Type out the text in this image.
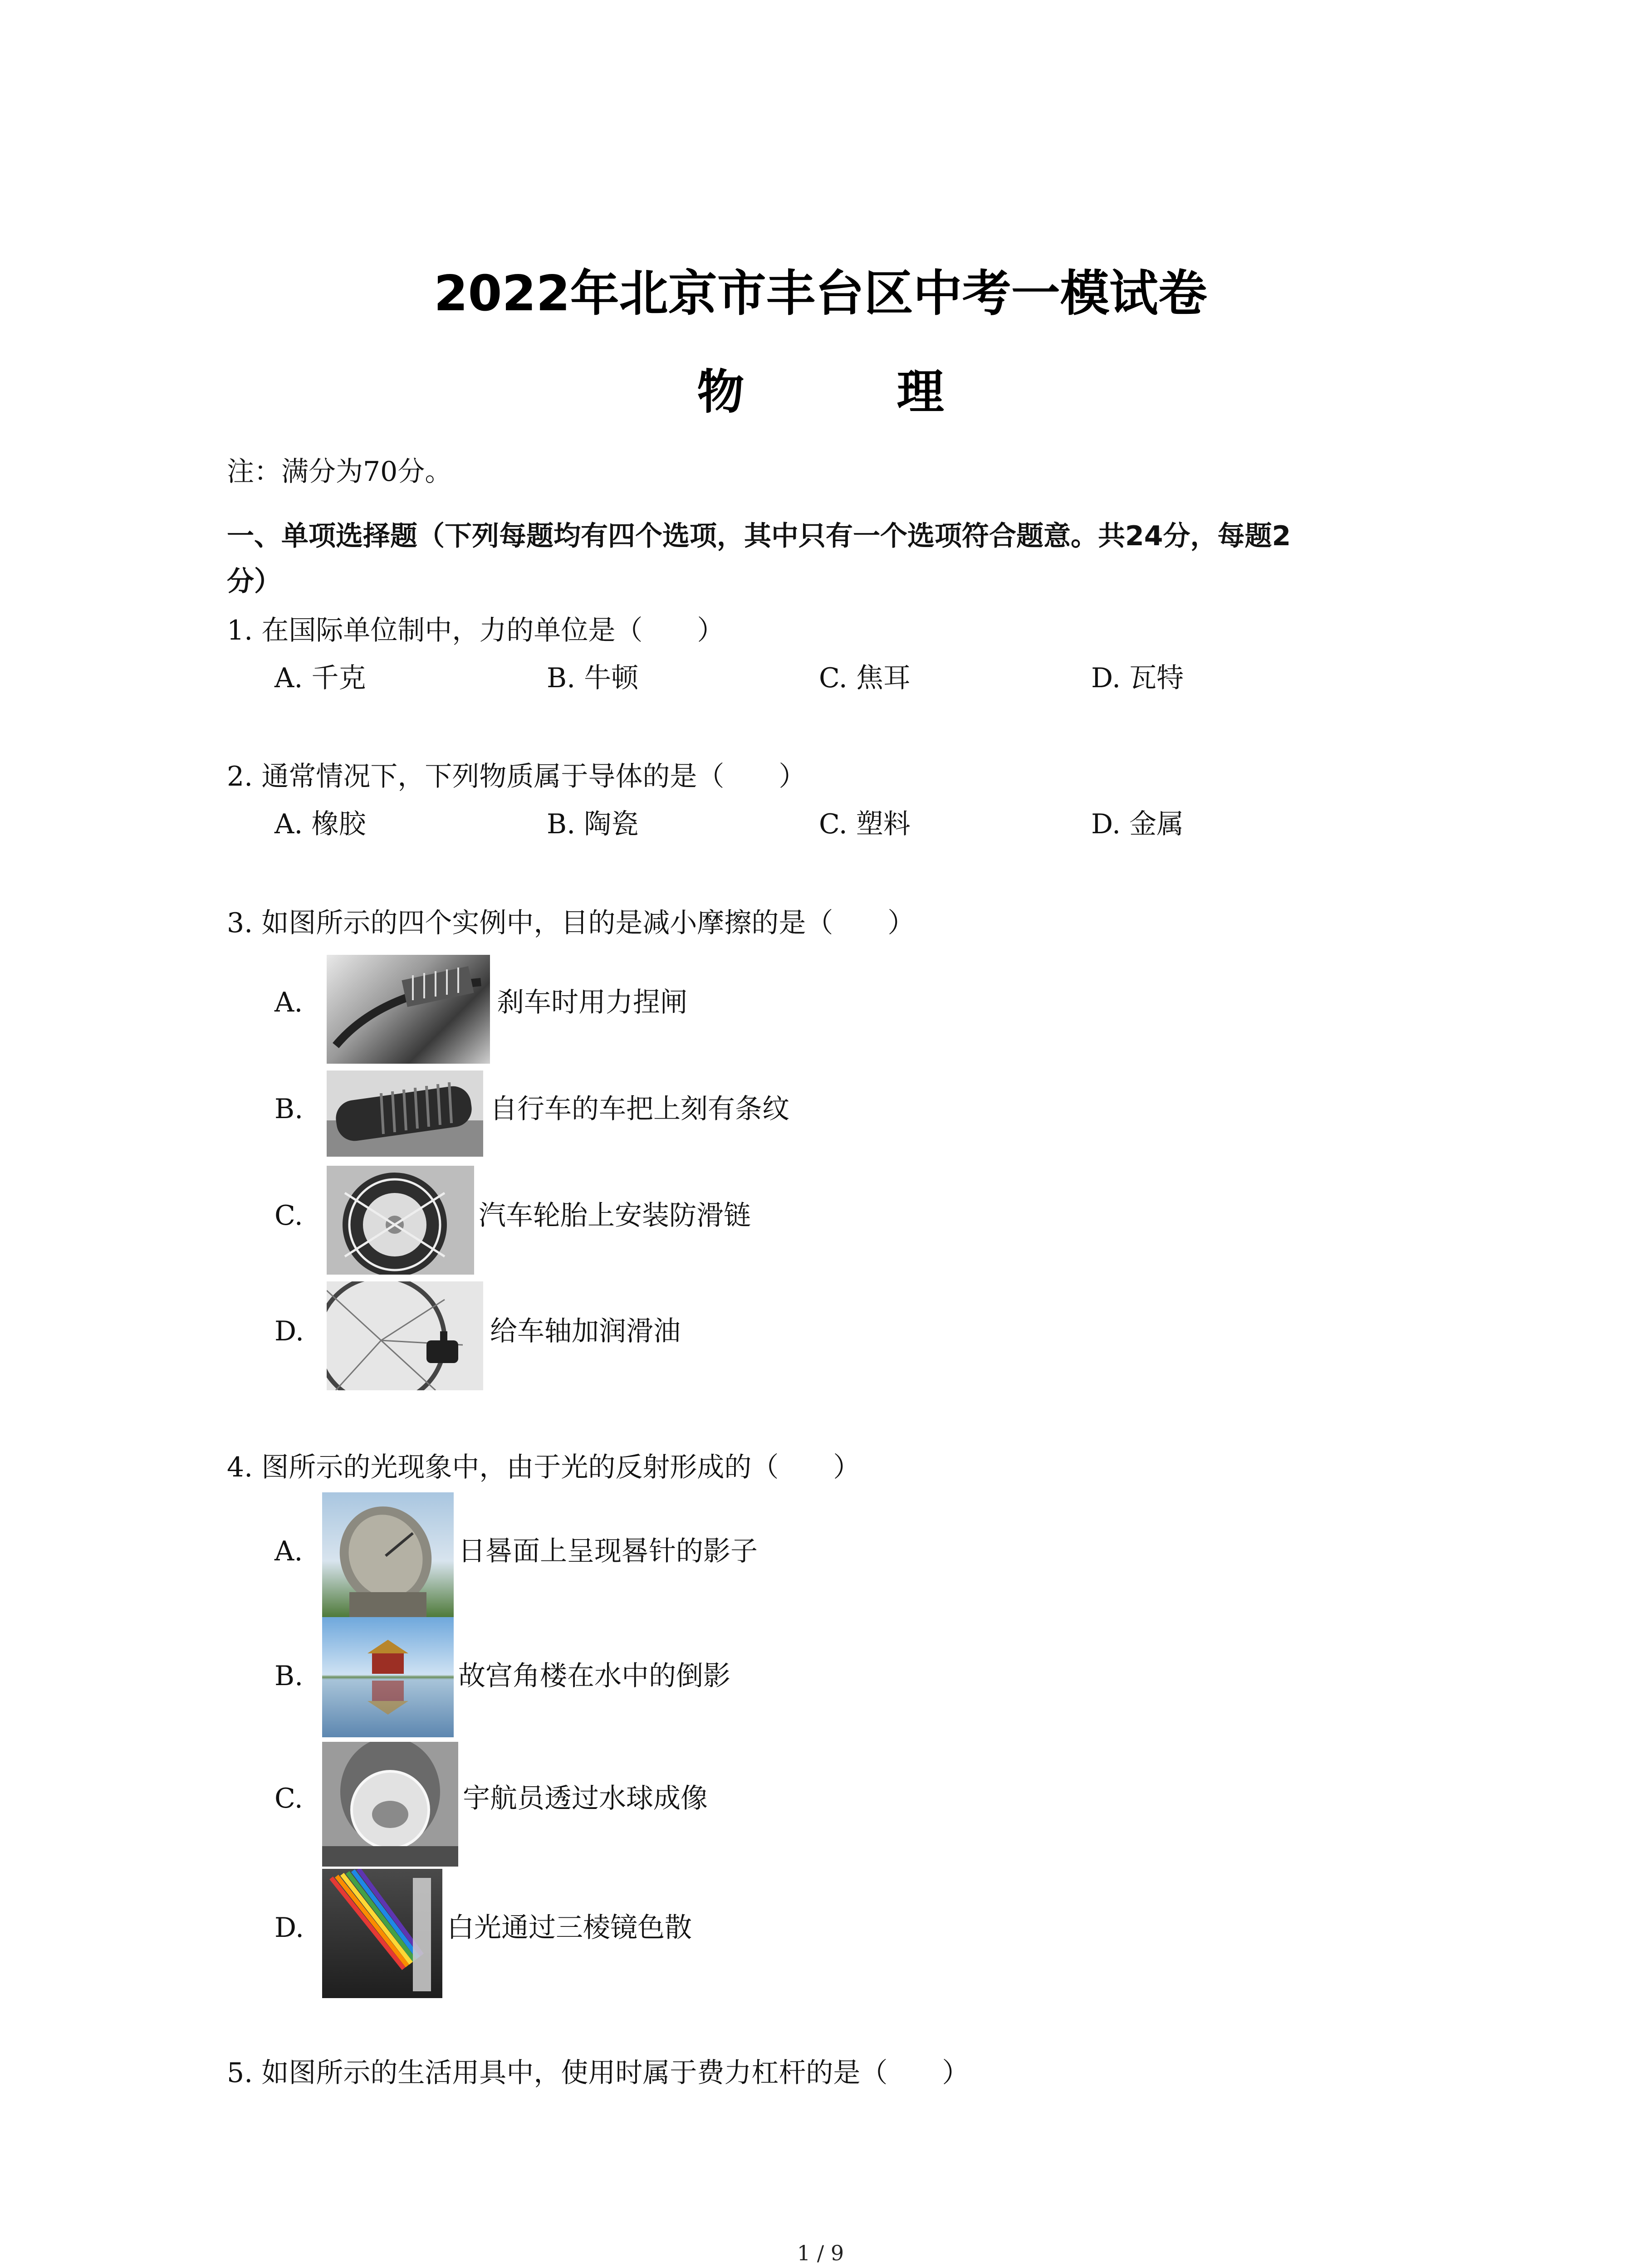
2022年北京市丰台区中考一模试卷
物 理
注：满分为70分。
一、单项选择题（下列每题均有四个选项，其中只有一个选项符合题意。共24分，每题2
分）
1. 在国际单位制中，力的单位是（　　）
A. 千克	B. 牛顿	C. 焦耳	D. 瓦特
2. 通常情况下，下列物质属于导体的是（　　）
A. 橡胶	B. 陶瓷	C. 塑料	D. 金属
3. 如图所示的四个实例中，目的是减小摩擦的是（　　）
A.	刹车时用力捏闸
B.	自行车的车把上刻有条纹
C.	汽车轮胎上安装防滑链
D.	给车轴加润滑油
4. 图所示的光现象中，由于光的反射形成的（　　）
A.	日晷面上呈现晷针的影子
B.	故宫角楼在水中的倒影
C.	宇航员透过水球成像
D.	白光通过三棱镜色散
5. 如图所示的生活用具中，使用时属于费力杠杆的是（　　）
1 / 9
